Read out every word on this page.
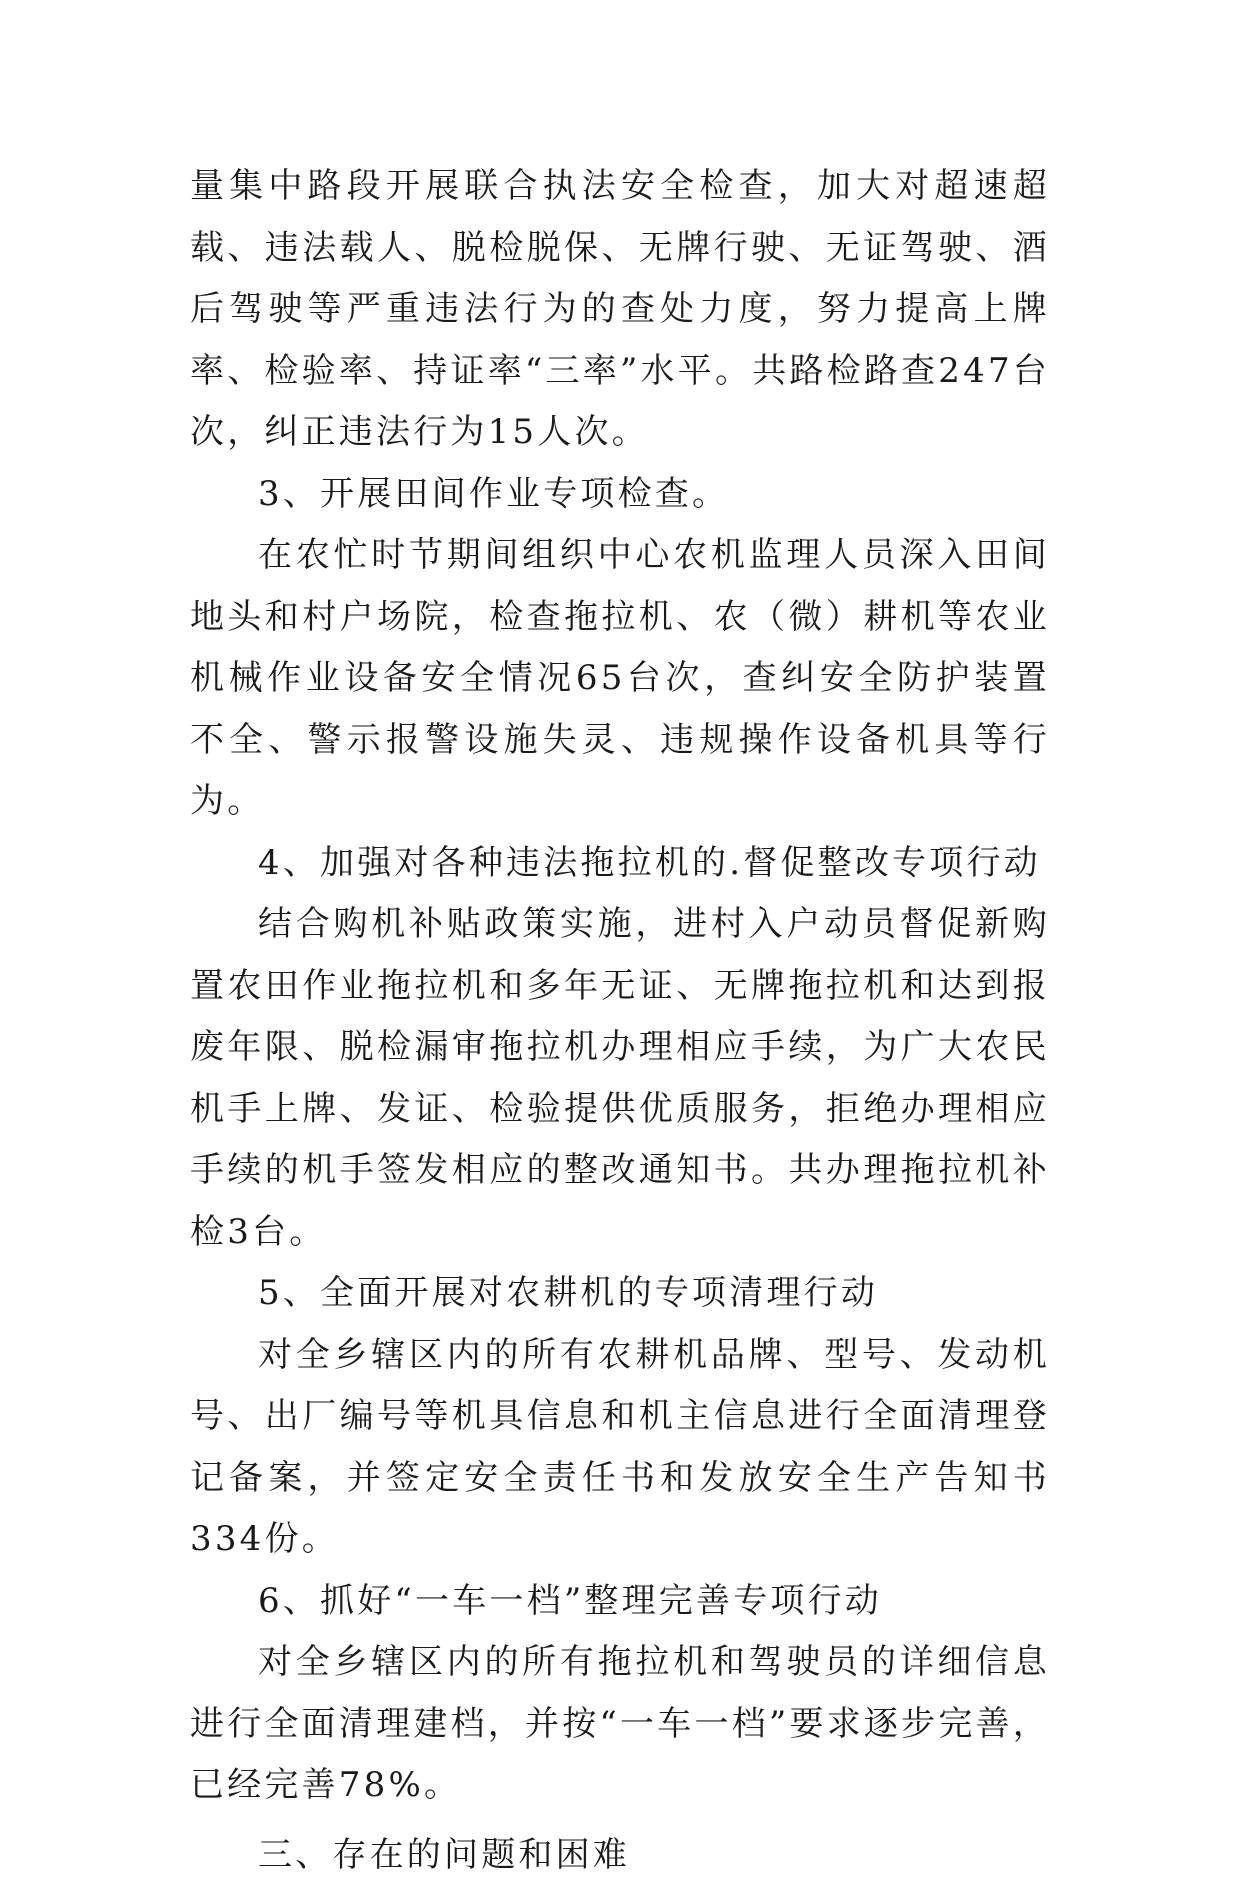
量集中路段开展联合执法安全检查，加大对超速超载、违法载人、脱检脱保、无牌行驶、无证驾驶、酒后驾驶等严重违法行为的查处力度，努力提高上牌率、检验率、持证率“三率”水平。共路检路查247台次，纠正违法行为15人次。

3、开展田间作业专项检查。

在农忙时节期间组织中心农机监理人员深入田间地头和村户场院，检查拖拉机、农（微）耕机等农业机械作业设备安全情况65台次，查纠安全防护装置不全、警示报警设施失灵、违规操作设备机具等行为。

4、加强对各种违法拖拉机的.督促整改专项行动

结合购机补贴政策实施，进村入户动员督促新购置农田作业拖拉机和多年无证、无牌拖拉机和达到报废年限、脱检漏审拖拉机办理相应手续，为广大农民机手上牌、发证、检验提供优质服务，拒绝办理相应手续的机手签发相应的整改通知书。共办理拖拉机补检3台。

5、全面开展对农耕机的专项清理行动

对全乡辖区内的所有农耕机品牌、型号、发动机号、出厂编号等机具信息和机主信息进行全面清理登记备案，并签定安全责任书和发放安全生产告知书334份。

6、抓好“一车一档”整理完善专项行动

对全乡辖区内的所有拖拉机和驾驶员的详细信息进行全面清理建档，并按“一车一档”要求逐步完善，已经完善78%。

三、存在的问题和困难
